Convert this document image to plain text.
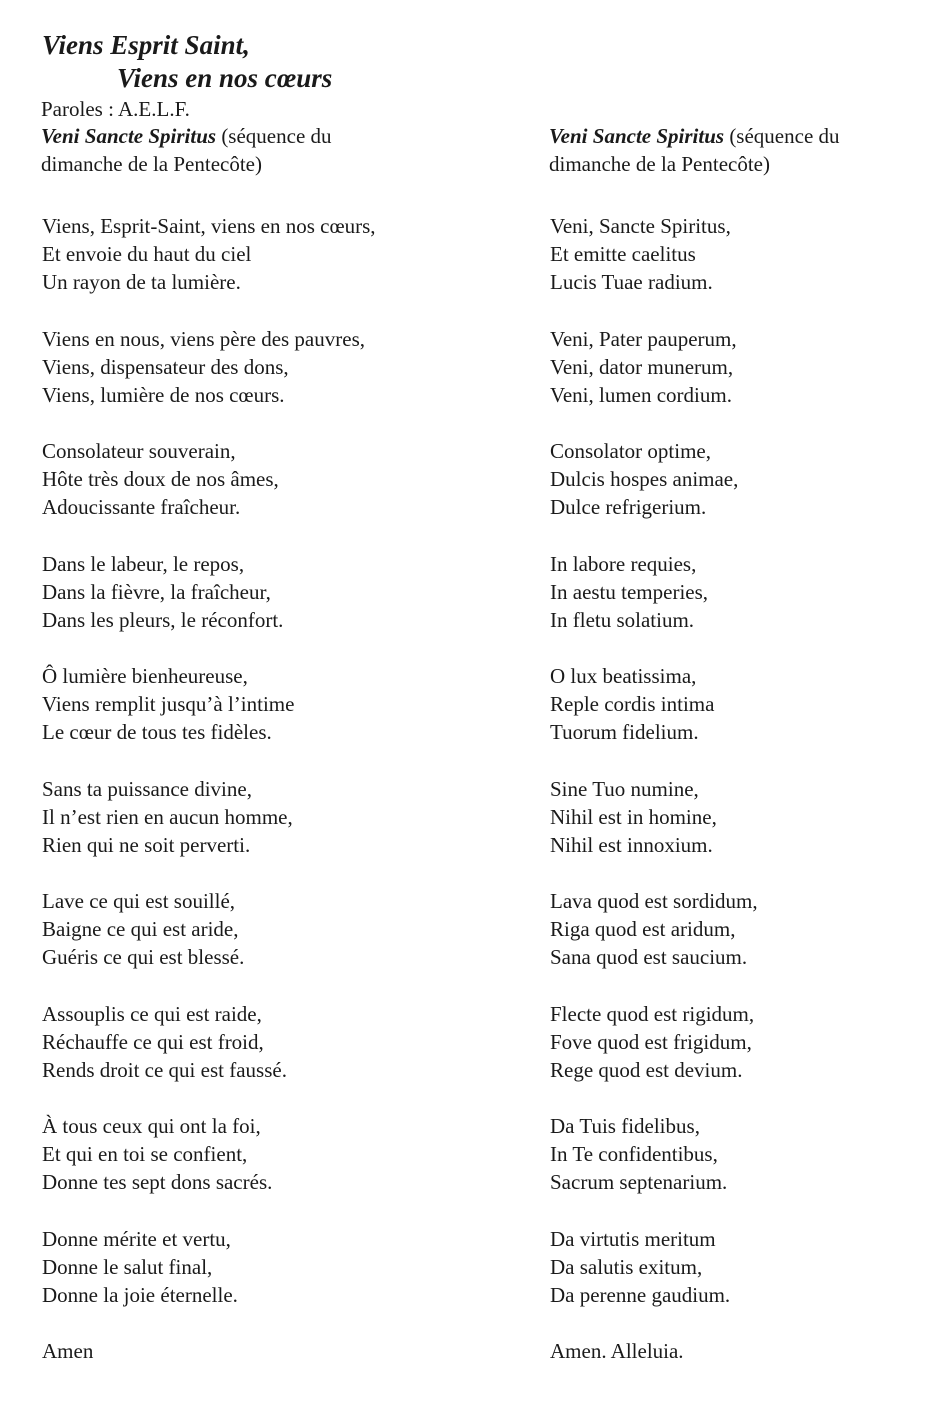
Viens Esprit Saint,
Viens en nos cœurs
Paroles : A.E.L.F.
Veni Sancte Spiritus (séquence du
dimanche de la Pentecôte)
Veni Sancte Spiritus (séquence du
dimanche de la Pentecôte)
Viens, Esprit-Saint, viens en nos cœurs,
Et envoie du haut du ciel
Un rayon de ta lumière.
Viens en nous, viens père des pauvres,
Viens, dispensateur des dons,
Viens, lumière de nos cœurs.
Consolateur souverain,
Hôte très doux de nos âmes,
Adoucissante fraîcheur.
Dans le labeur, le repos,
Dans la fièvre, la fraîcheur,
Dans les pleurs, le réconfort.
Ô lumière bienheureuse,
Viens remplit jusqu’à l’intime
Le cœur de tous tes fidèles.
Sans ta puissance divine,
Il n’est rien en aucun homme,
Rien qui ne soit perverti.
Lave ce qui est souillé,
Baigne ce qui est aride,
Guéris ce qui est blessé.
Assouplis ce qui est raide,
Réchauffe ce qui est froid,
Rends droit ce qui est faussé.
À tous ceux qui ont la foi,
Et qui en toi se confient,
Donne tes sept dons sacrés.
Donne mérite et vertu,
Donne le salut final,
Donne la joie éternelle.
Amen
Veni, Sancte Spiritus,
Et emitte caelitus
Lucis Tuae radium.
Veni, Pater pauperum,
Veni, dator munerum,
Veni, lumen cordium.
Consolator optime,
Dulcis hospes animae,
Dulce refrigerium.
In labore requies,
In aestu temperies,
In fletu solatium.
O lux beatissima,
Reple cordis intima
Tuorum fidelium.
Sine Tuo numine,
Nihil est in homine,
Nihil est innoxium.
Lava quod est sordidum,
Riga quod est aridum,
Sana quod est saucium.
Flecte quod est rigidum,
Fove quod est frigidum,
Rege quod est devium.
Da Tuis fidelibus,
In Te confidentibus,
Sacrum septenarium.
Da virtutis meritum
Da salutis exitum,
Da perenne gaudium.
Amen. Alleluia.
